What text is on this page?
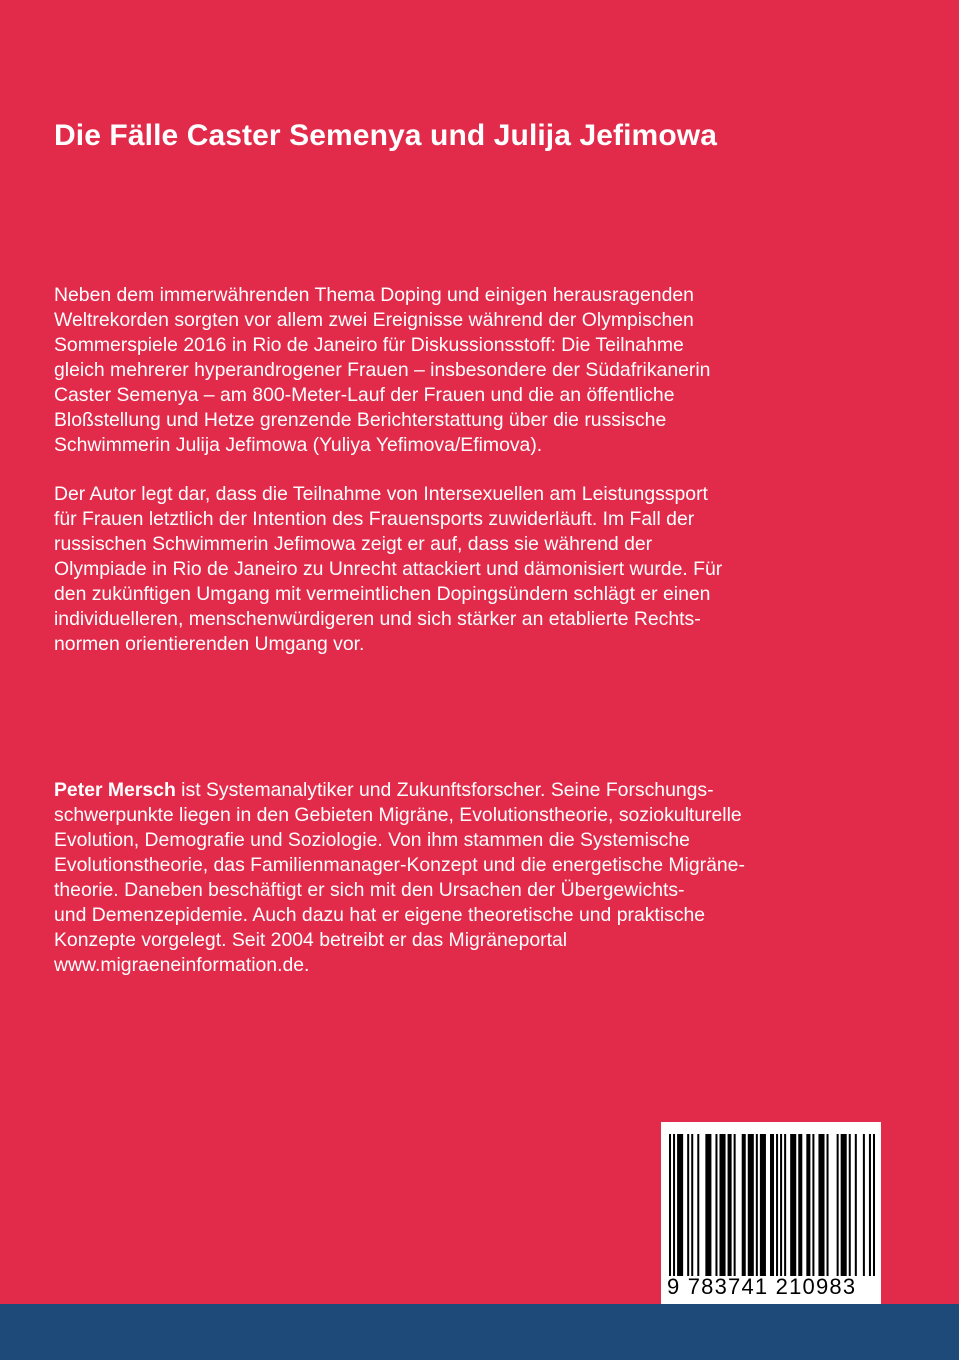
Die Fälle Caster Semenya und Julija Jefimowa
Neben dem immerwährenden Thema Doping und einigen herausragenden
Weltrekorden sorgten vor allem zwei Ereignisse während der Olympischen
Sommerspiele 2016 in Rio de Janeiro für Diskussionsstoff: Die Teilnahme
gleich mehrerer hyperandrogener Frauen – insbesondere der Südafrikanerin
Caster Semenya – am 800-Meter-Lauf der Frauen und die an öffentliche
Bloßstellung und Hetze grenzende Berichterstattung über die russische
Schwimmerin Julija Jefimowa (Yuliya Yefimova/Efimova).
Der Autor legt dar, dass die Teilnahme von Intersexuellen am Leistungssport
für Frauen letztlich der Intention des Frauensports zuwiderläuft. Im Fall der
russischen Schwimmerin Jefimowa zeigt er auf, dass sie während der
Olympiade in Rio de Janeiro zu Unrecht attackiert und dämonisiert wurde. Für
den zukünftigen Umgang mit vermeintlichen Dopingsündern schlägt er einen
individuelleren, menschenwürdigeren und sich stärker an etablierte Rechts-
normen orientierenden Umgang vor.
Peter Mersch ist Systemanalytiker und Zukunftsforscher. Seine Forschungs-
schwerpunkte liegen in den Gebieten Migräne, Evolutionstheorie, soziokulturelle
Evolution, Demografie und Soziologie. Von ihm stammen die Systemische
Evolutionstheorie, das Familienmanager-Konzept und die energetische Migräne-
theorie. Daneben beschäftigt er sich mit den Ursachen der Übergewichts-
und Demenzepidemie. Auch dazu hat er eigene theoretische und praktische
Konzepte vorgelegt. Seit 2004 betreibt er das Migräneportal
www.migraeneinformation.de.
9 783741 210983
